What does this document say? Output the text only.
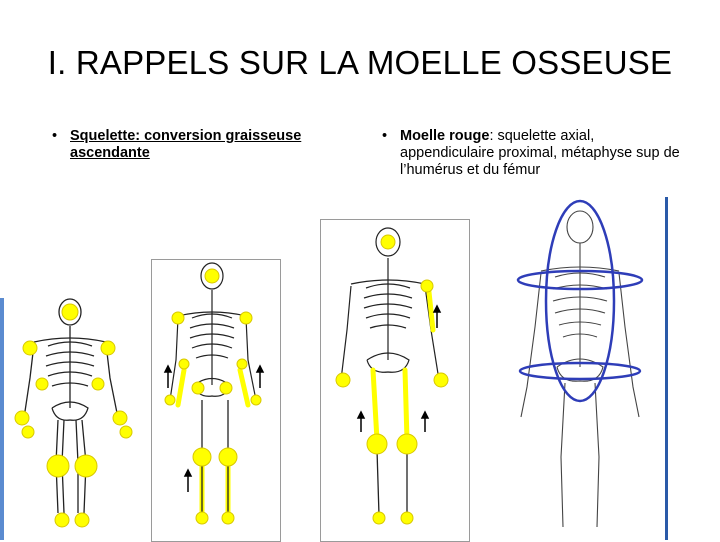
I. RAPPELS SUR LA MOELLE OSSEUSE
• Squelette: conversion graisseuse ascendante
• Moelle rouge: squelette axial, appendiculaire proximal, métaphyse sup de l’humérus et du fémur
